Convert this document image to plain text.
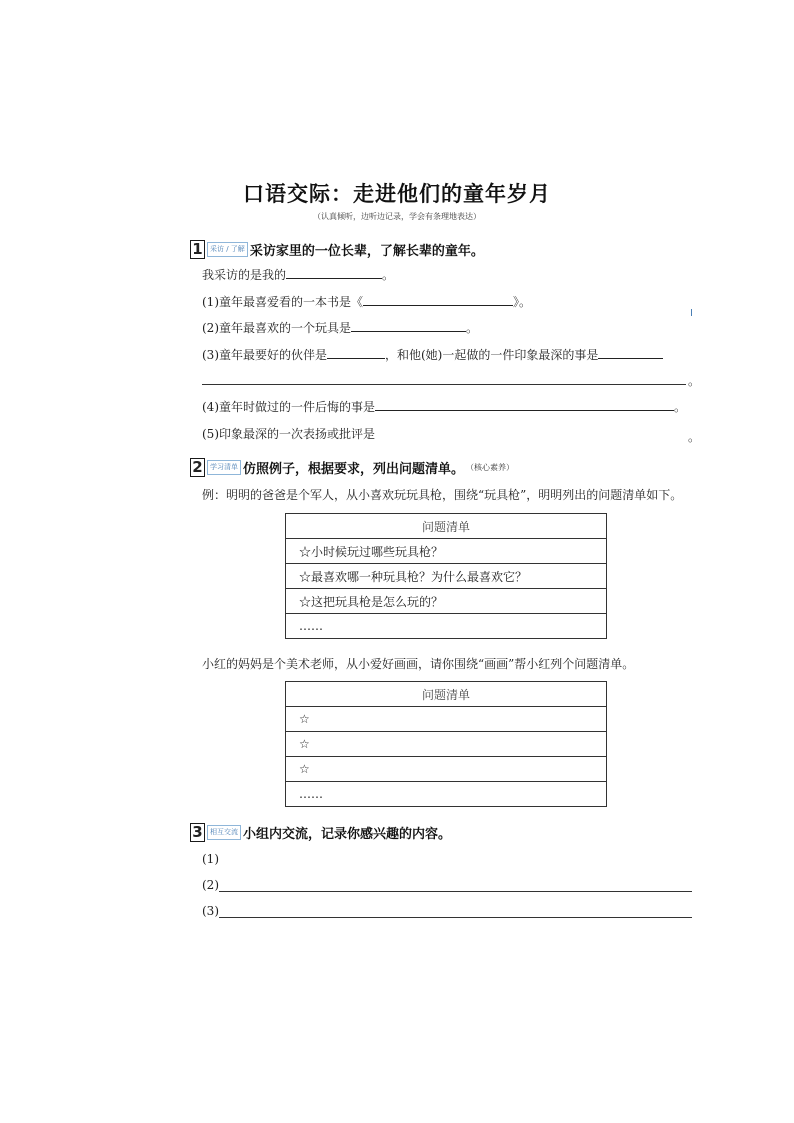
口语交际：走进他们的童年岁月
（认真倾听，边听边记录，学会有条理地表达）
1	采访 / 了解 采访家里的一位长辈，了解长辈的童年。
我采访的是我的	。
(1)童年最喜爱看的一本书是《	》。
(2)童年最喜欢的一个玩具是	。
(3)童年最要好的伙伴是	，和他(她)一起做的一件印象最深的事是
。
(4)童年时做过的一件后悔的事是	。
(5)印象最深的一次表扬或批评是	。
2	学习清单 仿照例子，根据要求，列出问题清单。 （核心素养）
例：明明的爸爸是个军人，从小喜欢玩玩具枪，围绕“玩具枪”，明明列出的问题清单如下。
问题清单
☆小时候玩过哪些玩具枪？
☆最喜欢哪一种玩具枪？为什么最喜欢它？
☆这把玩具枪是怎么玩的？
……
小红的妈妈是个美术老师，从小爱好画画，请你围绕“画画”帮小红列个问题清单。
问题清单
☆
☆
☆
……
3	相互交流 小组内交流，记录你感兴趣的内容。
(1)
(2)
(3)
